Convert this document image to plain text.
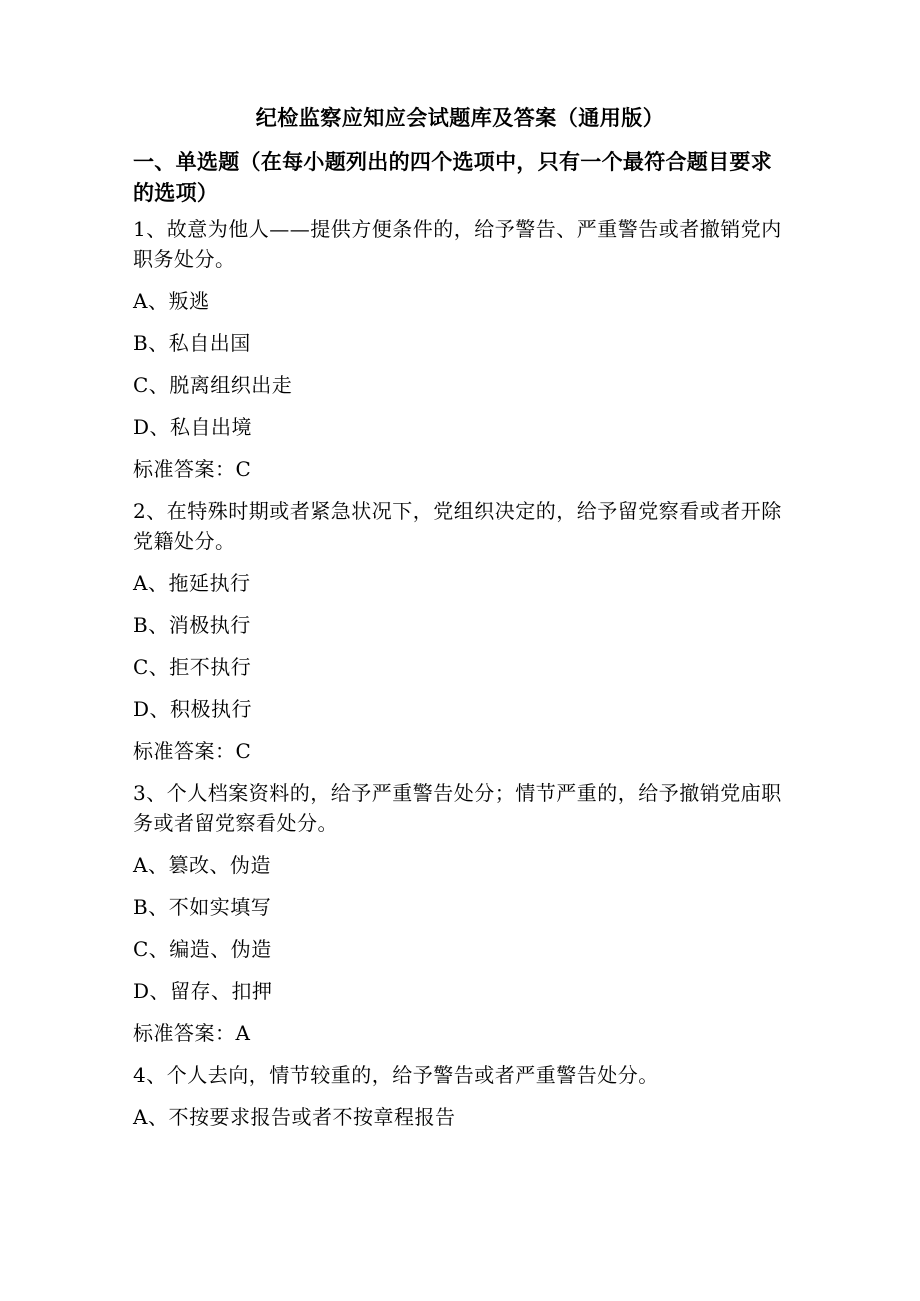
纪检监察应知应会试题库及答案（通用版）
一、单选题（在每小题列出的四个选项中，只有一个最符合题目要求的选项）
1、故意为他人——提供方便条件的，给予警告、严重警告或者撤销党内职务处分。
A、叛逃
B、私自出国
C、脱离组织出走
D、私自出境
标准答案：C
2、在特殊时期或者紧急状况下，党组织决定的，给予留党察看或者开除党籍处分。
A、拖延执行
B、消极执行
C、拒不执行
D、积极执行
标准答案：C
3、个人档案资料的，给予严重警告处分；情节严重的，给予撤销党庙职务或者留党察看处分。
A、篡改、伪造
B、不如实填写
C、编造、伪造
D、留存、扣押
标准答案：A
4、个人去向，情节较重的，给予警告或者严重警告处分。
A、不按要求报告或者不按章程报告
